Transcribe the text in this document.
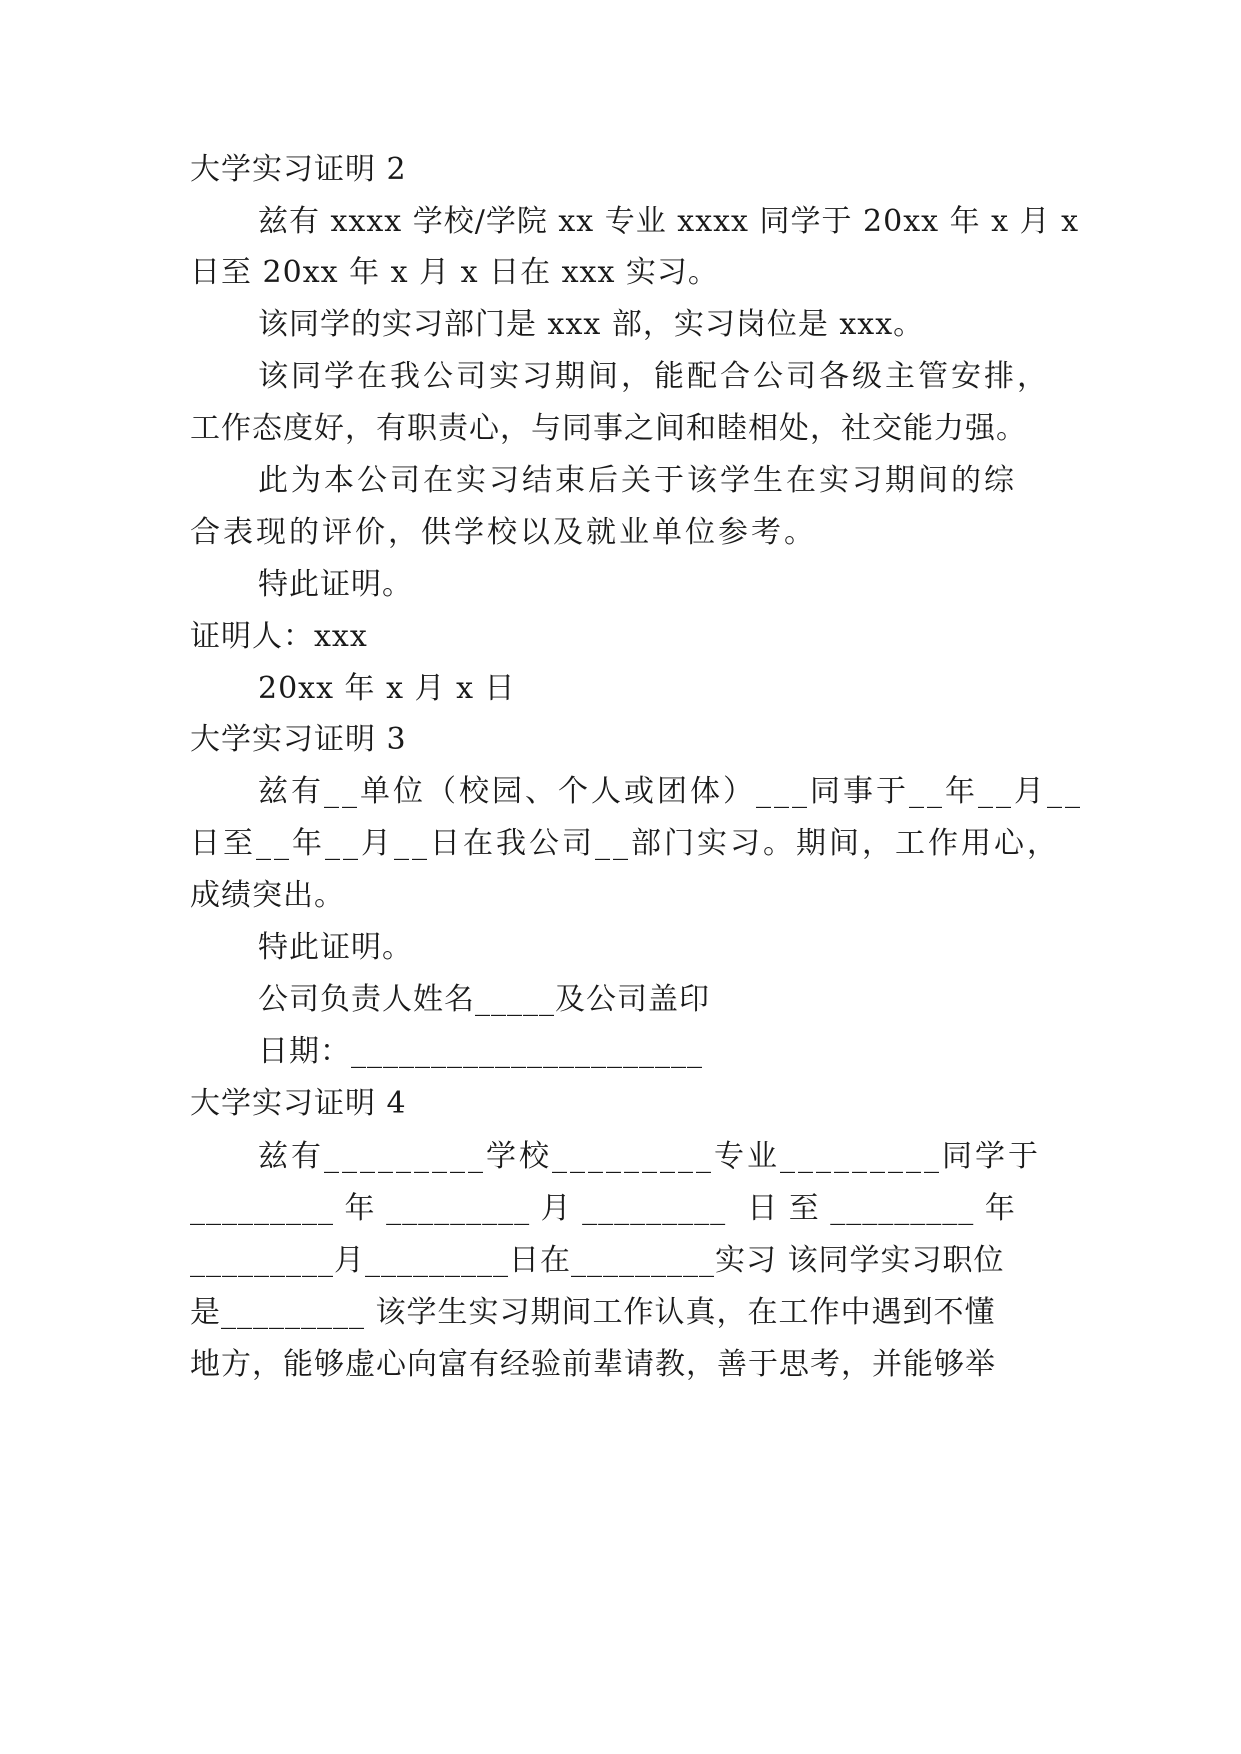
大学实习证明 2
兹有 xxxx 学校/学院 xx 专业 xxxx 同学于 20xx 年 x 月 x
日至 20xx 年 x 月 x 日在 xxx 实习。
该同学的实习部门是 xxx 部，实习岗位是 xxx。
该同学在我公司实习期间，能配合公司各级主管安排，
工作态度好，有职责心，与同事之间和睦相处，社交能力强。
此为本公司在实习结束后关于该学生在实习期间的综
合表现的评价，供学校以及就业单位参考。
特此证明。
证明人：xxx
20xx 年 x 月 x 日
大学实习证明 3
兹有__单位（校园、个人或团体）___同事于__年__月__
日至__年__月__日在我公司__部门实习。期间，工作用心，
成绩突出。
特此证明。
公司负责人姓名_____及公司盖印
日期：______________________
大学实习证明 4
兹有_________学校_________专业_________同学于
_________ 年 _________ 月 _________  日 至 _________ 年
_________月_________日在_________实习 该同学实习职位
是_________ 该学生实习期间工作认真，在工作中遇到不懂
地方，能够虚心向富有经验前辈请教，善于思考，并能够举
